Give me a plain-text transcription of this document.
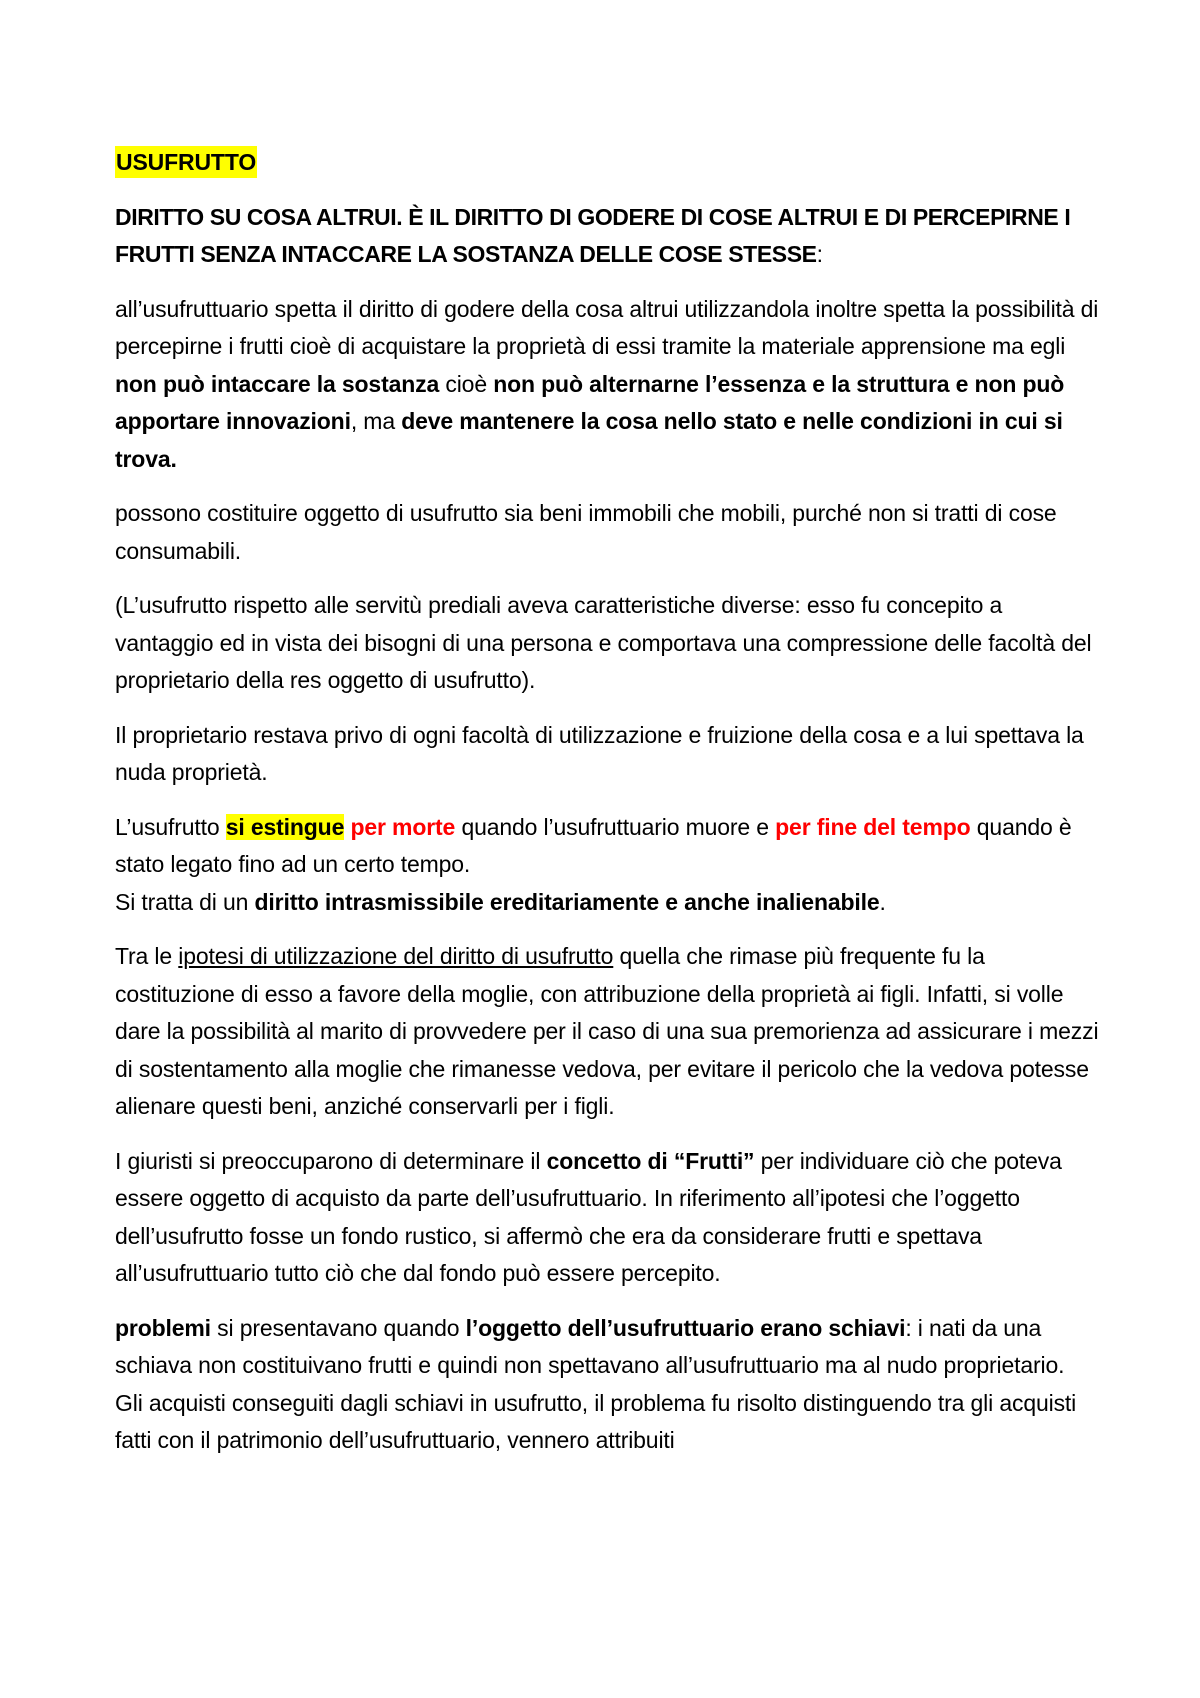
USUFRUTTO

DIRITTO SU COSA ALTRUI. È IL DIRITTO DI GODERE DI COSE ALTRUI E DI PERCEPIRNE I FRUTTI SENZA INTACCARE LA SOSTANZA DELLE COSE STESSE:

all’usufruttuario spetta il diritto di godere della cosa altrui utilizzandola inoltre spetta la possibilità di percepirne i frutti cioè di acquistare la proprietà di essi tramite la materiale apprensione ma egli non può intaccare la sostanza cioè non può alternarne l’essenza e la struttura e non può apportare innovazioni, ma deve mantenere la cosa nello stato e nelle condizioni in cui si trova.

possono costituire oggetto di usufrutto sia beni immobili che mobili, purché non si tratti di cose consumabili.

(L’usufrutto rispetto alle servitù prediali aveva caratteristiche diverse: esso fu concepito a vantaggio ed in vista dei bisogni di una persona e comportava una compressione delle facoltà del proprietario della res oggetto di usufrutto).

Il proprietario restava privo di ogni facoltà di utilizzazione e fruizione della cosa e a lui spettava la nuda proprietà.

L’usufrutto si estingue per morte quando l’usufruttuario muore e per fine del tempo quando è stato legato fino ad un certo tempo.
Si tratta di un diritto intrasmissibile ereditariamente e anche inalienabile.

Tra le ipotesi di utilizzazione del diritto di usufrutto quella che rimase più frequente fu la costituzione di esso a favore della moglie, con attribuzione della proprietà ai figli. Infatti, si volle dare la possibilità al marito di provvedere per il caso di una sua premorienza ad assicurare i mezzi di sostentamento alla moglie che rimanesse vedova, per evitare il pericolo che la vedova potesse alienare questi beni, anziché conservarli per i figli.

I giuristi si preoccuparono di determinare il concetto di “Frutti” per individuare ciò che poteva essere oggetto di acquisto da parte dell’usufruttuario. In riferimento all’ipotesi che l’oggetto dell’usufrutto fosse un fondo rustico, si affermò che era da considerare frutti e spettava all’usufruttuario tutto ciò che dal fondo può essere percepito.

problemi si presentavano quando l’oggetto dell’usufruttuario erano schiavi: i nati da una schiava non costituivano frutti e quindi non spettavano all’usufruttuario ma al nudo proprietario.
Gli acquisti conseguiti dagli schiavi in usufrutto, il problema fu risolto distinguendo tra gli acquisti fatti con il patrimonio dell’usufruttuario, vennero attribuiti
